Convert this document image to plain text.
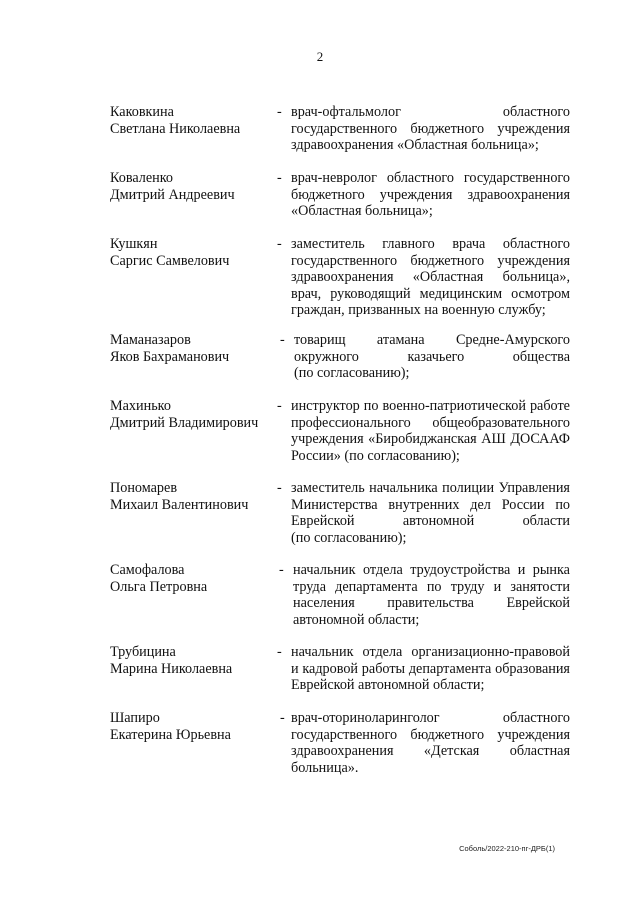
2
Каковкина
Светлана Николаевна
- врач-офтальмолог	областного
государственного бюджетного учреждения
здравоохранения «Областная больница»;
Коваленко
Дмитрий Андреевич
- врач-невролог областного государственного
бюджетного учреждения здравоохранения
«Областная больница»;
Кушкян
Саргис Самвелович
- заместитель главного врача областного
государственного бюджетного учреждения
здравоохранения «Областная больница»,
врач, руководящий медицинским осмотром
граждан, призванных на военную службу;
Маманазаров
Яков Бахраманович
- товарищ атамана Средне-Амурского
окружного	казачьего	общества
(по согласованию);
Махинько
Дмитрий Владимирович
- инструктор по военно-патриотической работе
профессионального общеобразовательного
учреждения «Биробиджанская АШ ДОСААФ
России» (по согласованию);
Пономарев
Михаил Валентинович
- заместитель начальника полиции Управления
Министерства внутренних дел России по
Еврейской	автономной	области
(по согласованию);
Самофалова
Ольга Петровна
- начальник отдела трудоустройства и рынка
труда департамента по труду и занятости
населения правительства Еврейской
автономной области;
Трубицина
Марина Николаевна
- начальник отдела организационно-правовой
и кадровой работы департамента образования
Еврейской автономной области;
Шапиро
Екатерина Юрьевна
- врач-оториноларинголог	областного
государственного бюджетного учреждения
здравоохранения «Детская областная
больница».
Соболь/2022-210-пг-ДРБ(1)
